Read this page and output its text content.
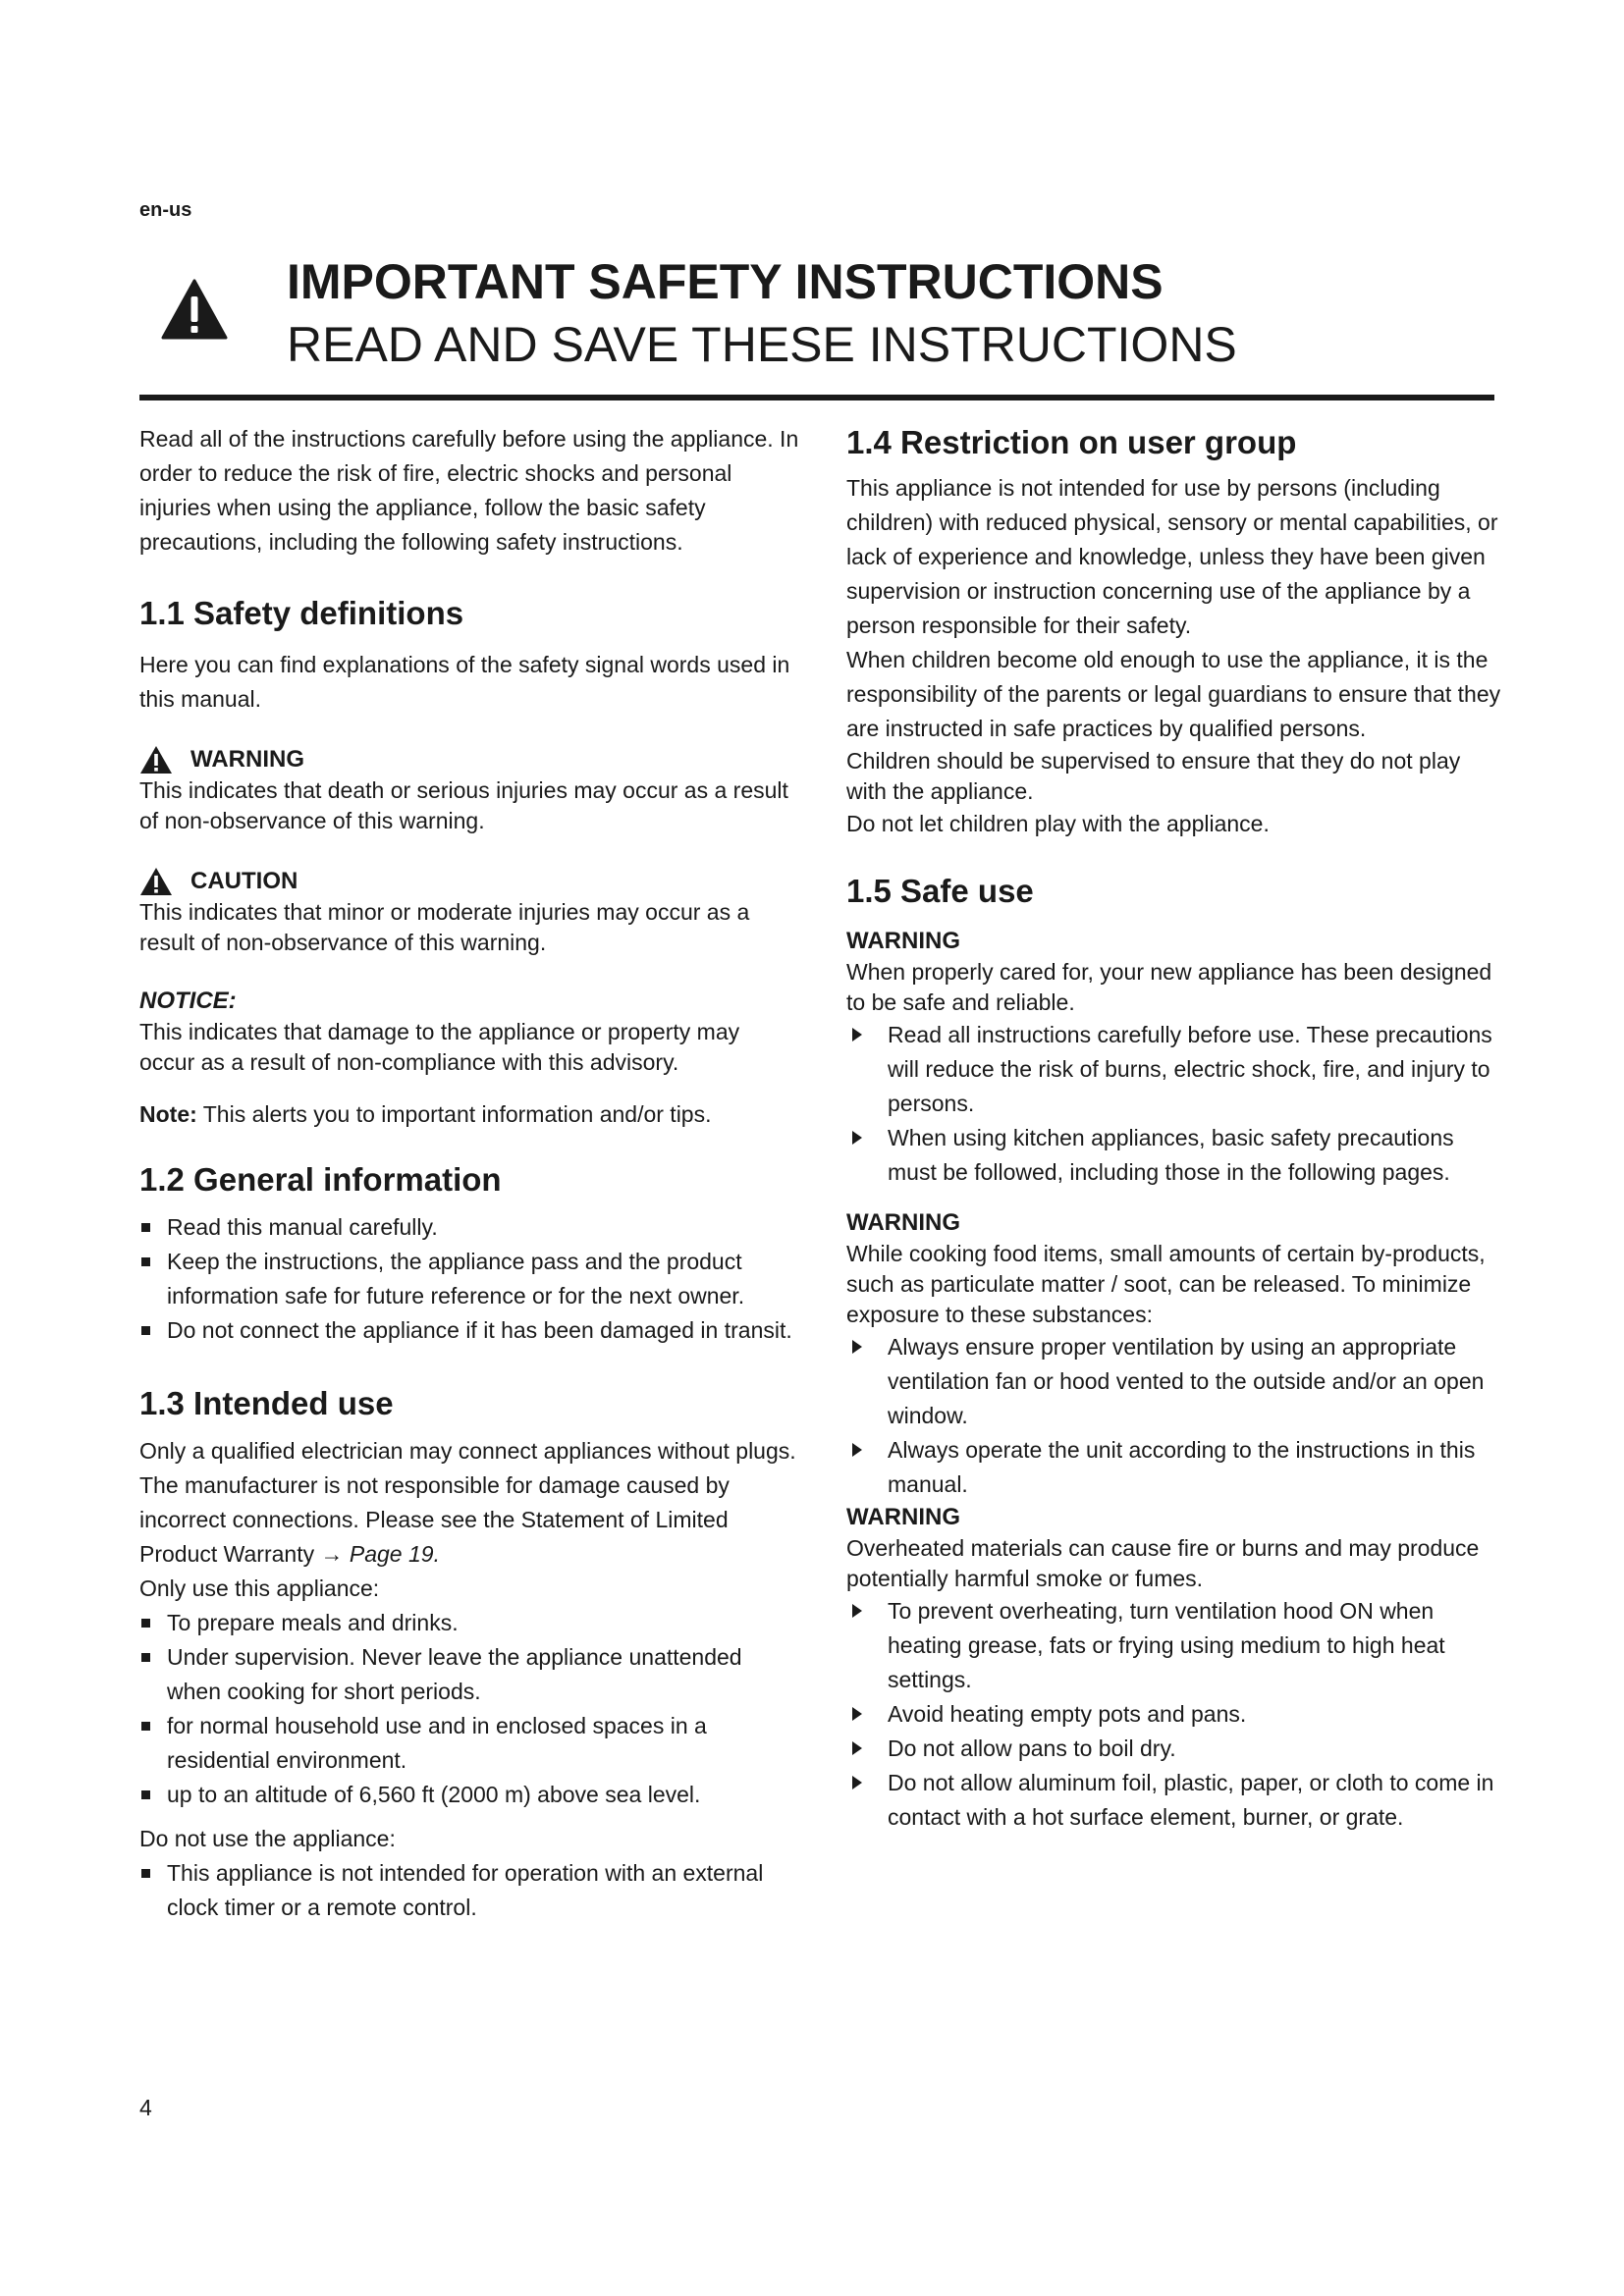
en-us
IMPORTANT SAFETY INSTRUCTIONS
READ AND SAVE THESE INSTRUCTIONS

Read all of the instructions carefully before using the appliance. In order to reduce the risk of fire, electric shocks and personal injuries when using the appliance, follow the basic safety precautions, including the following safety instructions.

1.1 Safety definitions

Here you can find explanations of the safety signal words used in this manual.

WARNING

This indicates that death or serious injuries may occur as a result of non-observance of this warning.

CAUTION

This indicates that minor or moderate injuries may occur as a result of non-observance of this warning.

NOTICE:

This indicates that damage to the appliance or property may occur as a result of non-compliance with this advisory.

Note: This alerts you to important information and/or tips.

1.2 General information
Read this manual carefully.
Keep the instructions, the appliance pass and the product information safe for future reference or for the next owner.
Do not connect the appliance if it has been damaged in transit.
1.3 Intended use

Only a qualified electrician may connect appliances without plugs. The manufacturer is not responsible for damage caused by incorrect connections. Please see the Statement of Limited Product Warranty → Page 19.

Only use this appliance:

To prepare meals and drinks.
Under supervision. Never leave the appliance unattended when cooking for short periods.
for normal household use and in enclosed spaces in a residential environment.
up to an altitude of 6,560 ft (2000 m) above sea level.

Do not use the appliance:

This appliance is not intended for operation with an external clock timer or a remote control.
1.4 Restriction on user group

This appliance is not intended for use by persons (including children) with reduced physical, sensory or mental capabilities, or lack of experience and knowledge, unless they have been given supervision or instruction concerning use of the appliance by a person responsible for their safety.

When children become old enough to use the appliance, it is the responsibility of the parents or legal guardians to ensure that they are instructed in safe practices by qualified persons.

Children should be supervised to ensure that they do not play with the appliance.

Do not let children play with the appliance.

1.5 Safe use
WARNING

When properly cared for, your new appliance has been designed to be safe and reliable.

Read all instructions carefully before use. These precautions will reduce the risk of burns, electric shock, fire, and injury to persons.
When using kitchen appliances, basic safety precautions must be followed, including those in the following pages.
WARNING

While cooking food items, small amounts of certain by-products, such as particulate matter / soot, can be released. To minimize exposure to these substances:

Always ensure proper ventilation by using an appropriate ventilation fan or hood vented to the outside and/or an open window.
Always operate the unit according to the instructions in this manual.
WARNING

Overheated materials can cause fire or burns and may produce potentially harmful smoke or fumes.

To prevent overheating, turn ventilation hood ON when heating grease, fats or frying using medium to high heat settings.
Avoid heating empty pots and pans.
Do not allow pans to boil dry.
Do not allow aluminum foil, plastic, paper, or cloth to come in contact with a hot surface element, burner, or grate.
4
